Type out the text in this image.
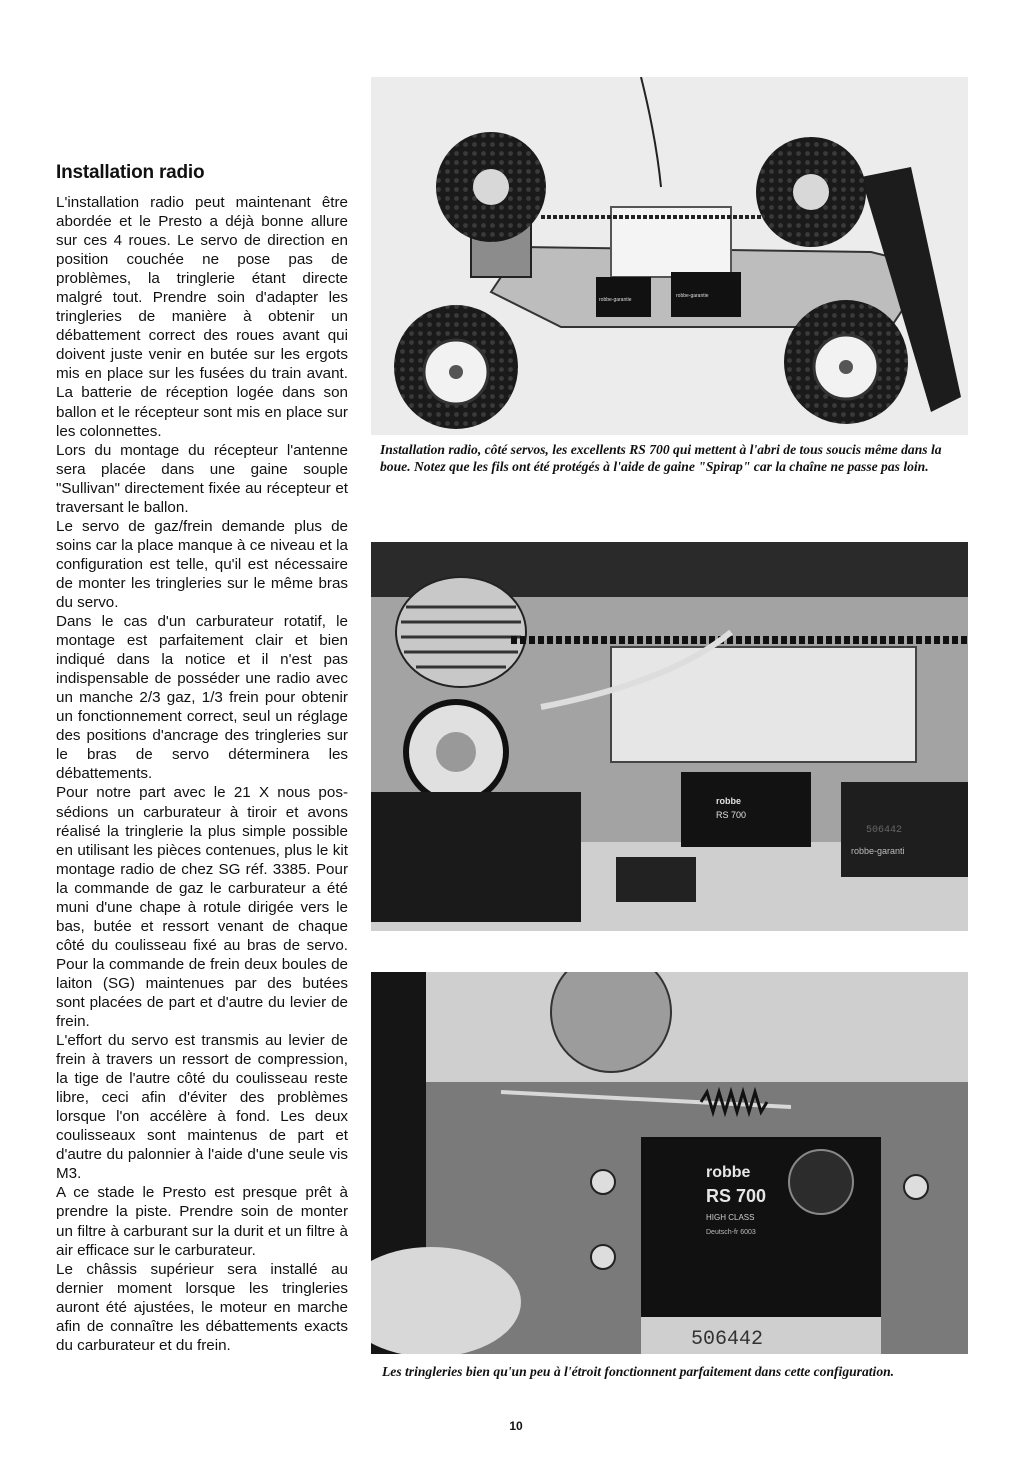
Installation radio

L'installation radio peut maintenant être abordée et le Presto a déjà bonne allure sur ces 4 roues. Le servo de direction en position couchée ne pose pas de problèmes, la tringlerie étant directe malgré tout. Prendre soin d'adapter les tringleries de manière à obtenir un débattement correct des roues avant qui doivent juste venir en butée sur les ergots mis en place sur les fusées du train avant. La batterie de réception logée dans son ballon et le récepteur sont mis en place sur les colonnettes.

Lors du montage du récepteur l'antenne sera placée dans une gaine souple "Sullivan" directement fixée au récepteur et traversant le ballon.

Le servo de gaz/frein demande plus de soins car la place manque à ce niveau et la configuration est telle, qu'il est nécessaire de monter les tringleries sur le même bras du servo.

Dans le cas d'un carburateur rotatif, le montage est parfaitement clair et bien indiqué dans la notice et il n'est pas indispensable de posséder une radio avec un manche 2/3 gaz, 1/3 frein pour obtenir un fonctionnement correct, seul un réglage des positions d'ancrage des tringleries sur le bras de servo déterminera les débattements.

Pour notre part avec le 21 X nous possédions un carburateur à tiroir et avons réalisé la tringlerie la plus simple possible en utilisant les pièces contenues, plus le kit montage radio de chez SG réf. 3385. Pour la commande de gaz le carburateur a été muni d'une chape à rotule dirigée vers le bas, butée et ressort venant de chaque côté du coulisseau fixé au bras de servo. Pour la commande de frein deux boules de laiton (SG) maintenues par des butées sont placées de part et d'autre du levier de frein.

L'effort du servo est transmis au levier de frein à travers un ressort de compression, la tige de l'autre côté du coulisseau reste libre, ceci afin d'éviter des problèmes lorsque l'on accélère à fond. Les deux coulisseaux sont maintenus de part et d'autre du palonnier à l'aide d'une seule vis M3.

A ce stade le Presto est presque prêt à prendre la piste. Prendre soin de monter un filtre à carburant sur la durit et un filtre à air efficace sur le carburateur.

Le châssis supérieur sera installé au dernier moment lorsque les tringleries auront été ajustées, le moteur en marche afin de connaître les débattements exacts du carburateur et du frein.

robbe-garantie
robbe-garantie

Installation radio, côté servos, les excellents RS 700 qui mettent à l'abri de tous soucis même dans la boue. Notez que les fils ont été protégés à l'aide de gaine "Spirap" car la chaîne ne passe pas loin.

robbe
RS 700
robbe-garanti
506442
robbe
RS 700
HIGH CLASS
Deutsch-fr 6003
506442

Les tringleries bien qu'un peu à l'étroit fonctionnent parfaitement dans cette configuration.

10
